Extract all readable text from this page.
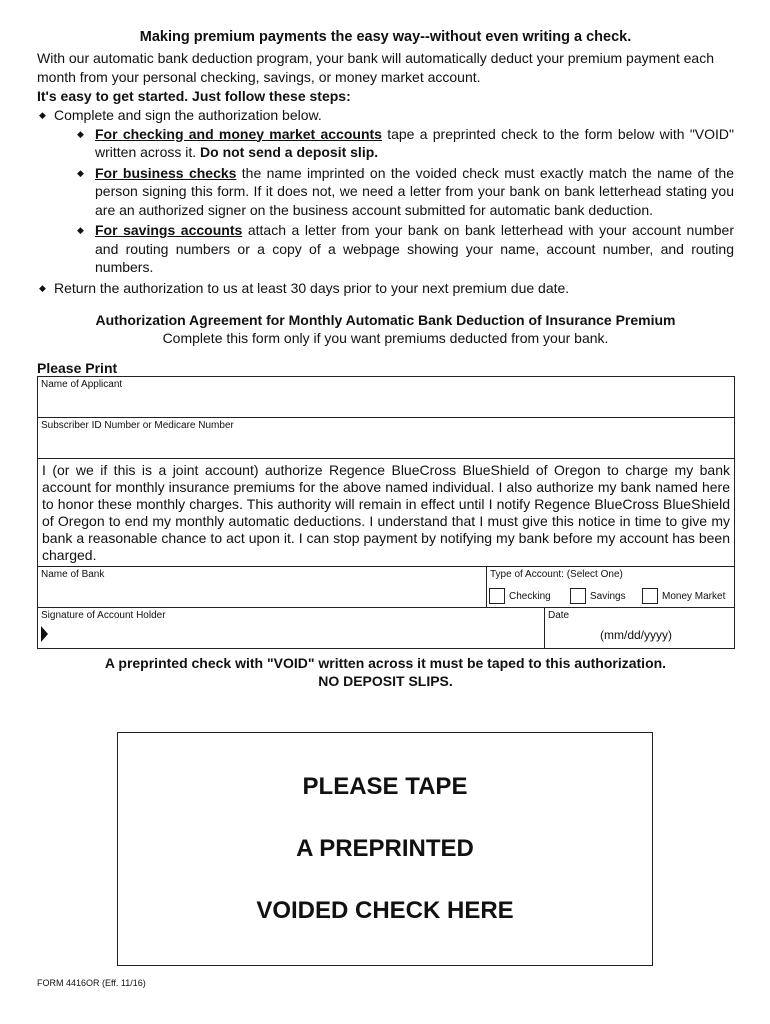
Making premium payments the easy way--without even writing a check.

With our automatic bank deduction program, your bank will automatically deduct your premium payment each month from your personal checking, savings, or money market account.

It's easy to get started. Just follow these steps:

◆ Complete and sign the authorization below.
◆ For checking and money market accounts tape a preprinted check to the form below with "VOID" written across it. Do not send a deposit slip.
◆ For business checks the name imprinted on the voided check must exactly match the name of the person signing this form. If it does not, we need a letter from your bank on bank letterhead stating you are an authorized signer on the business account submitted for automatic bank deduction.
◆ For savings accounts attach a letter from your bank on bank letterhead with your account number and routing numbers or a copy of a webpage showing your name, account number, and routing numbers.
◆ Return the authorization to us at least 30 days prior to your next premium due date.
Authorization Agreement for Monthly Automatic Bank Deduction of Insurance Premium
Complete this form only if you want premiums deducted from your bank.
Please Print
Name of Applicant
Subscriber ID Number or Medicare Number
I (or we if this is a joint account) authorize Regence BlueCross BlueShield of Oregon to charge my bank account for monthly insurance premiums for the above named individual. I also authorize my bank named here to honor these monthly charges. This authority will remain in effect until I notify Regence BlueCross BlueShield of Oregon to end my monthly automatic deductions. I understand that I must give this notice in time to give my bank a reasonable chance to act upon it. I can stop payment by notifying my bank before my account has been charged.
Name of Bank	Type of Account: (Select One)
Checking	Savings	Money Market
Signature of Account Holder	Date
(mm/dd/yyyy)
A preprinted check with "VOID" written across it must be taped to this authorization.
NO DEPOSIT SLIPS.
PLEASE TAPE
A PREPRINTED
VOIDED CHECK HERE
FORM 4416OR (Eff. 11/16)
